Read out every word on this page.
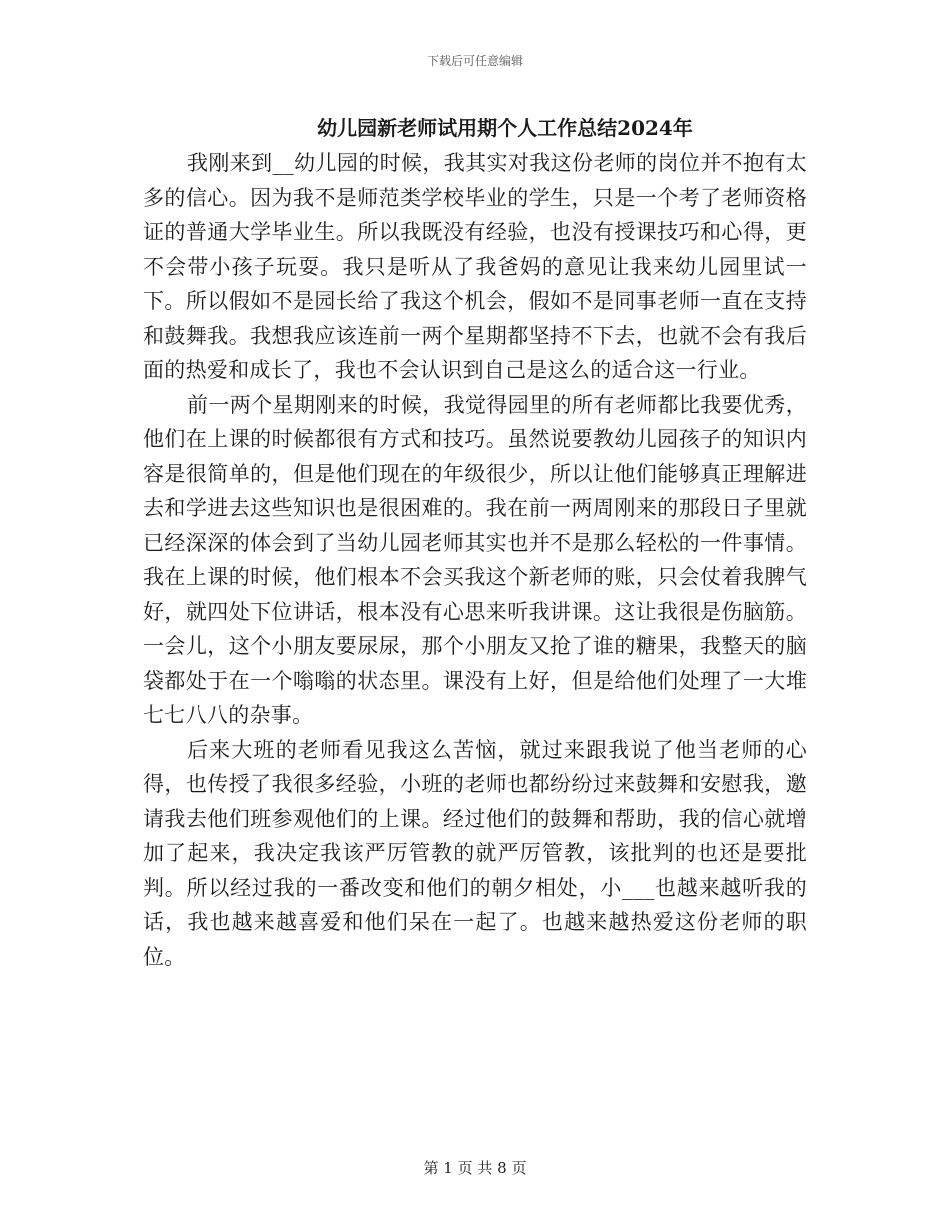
下载后可任意编辑
幼儿园新老师试用期个人工作总结2024年

我刚来到__幼儿园的时候，我其实对我这份老师的岗位并不抱有太多的信心。因为我不是师范类学校毕业的学生，只是一个考了老师资格证的普通大学毕业生。所以我既没有经验，也没有授课技巧和心得，更不会带小孩子玩耍。我只是听从了我爸妈的意见让我来幼儿园里试一下。所以假如不是园长给了我这个机会，假如不是同事老师一直在支持和鼓舞我。我想我应该连前一两个星期都坚持不下去，也就不会有我后面的热爱和成长了，我也不会认识到自己是这么的适合这一行业。

前一两个星期刚来的时候，我觉得园里的所有老师都比我要优秀，他们在上课的时候都很有方式和技巧。虽然说要教幼儿园孩子的知识内容是很简单的，但是他们现在的年级很少，所以让他们能够真正理解进去和学进去这些知识也是很困难的。我在前一两周刚来的那段日子里就已经深深的体会到了当幼儿园老师其实也并不是那么轻松的一件事情。我在上课的时候，他们根本不会买我这个新老师的账，只会仗着我脾气好，就四处下位讲话，根本没有心思来听我讲课。这让我很是伤脑筋。一会儿，这个小朋友要尿尿，那个小朋友又抢了谁的糖果，我整天的脑袋都处于在一个嗡嗡的状态里。课没有上好，但是给他们处理了一大堆七七八八的杂事。

后来大班的老师看见我这么苦恼，就过来跟我说了他当老师的心得，也传授了我很多经验，小班的老师也都纷纷过来鼓舞和安慰我，邀请我去他们班参观他们的上课。经过他们的鼓舞和帮助，我的信心就增加了起来，我决定我该严厉管教的就严厉管教，该批判的也还是要批判。所以经过我的一番改变和他们的朝夕相处，小___也越来越听我的话，我也越来越喜爱和他们呆在一起了。也越来越热爱这份老师的职位。

第 1 页 共 8 页
